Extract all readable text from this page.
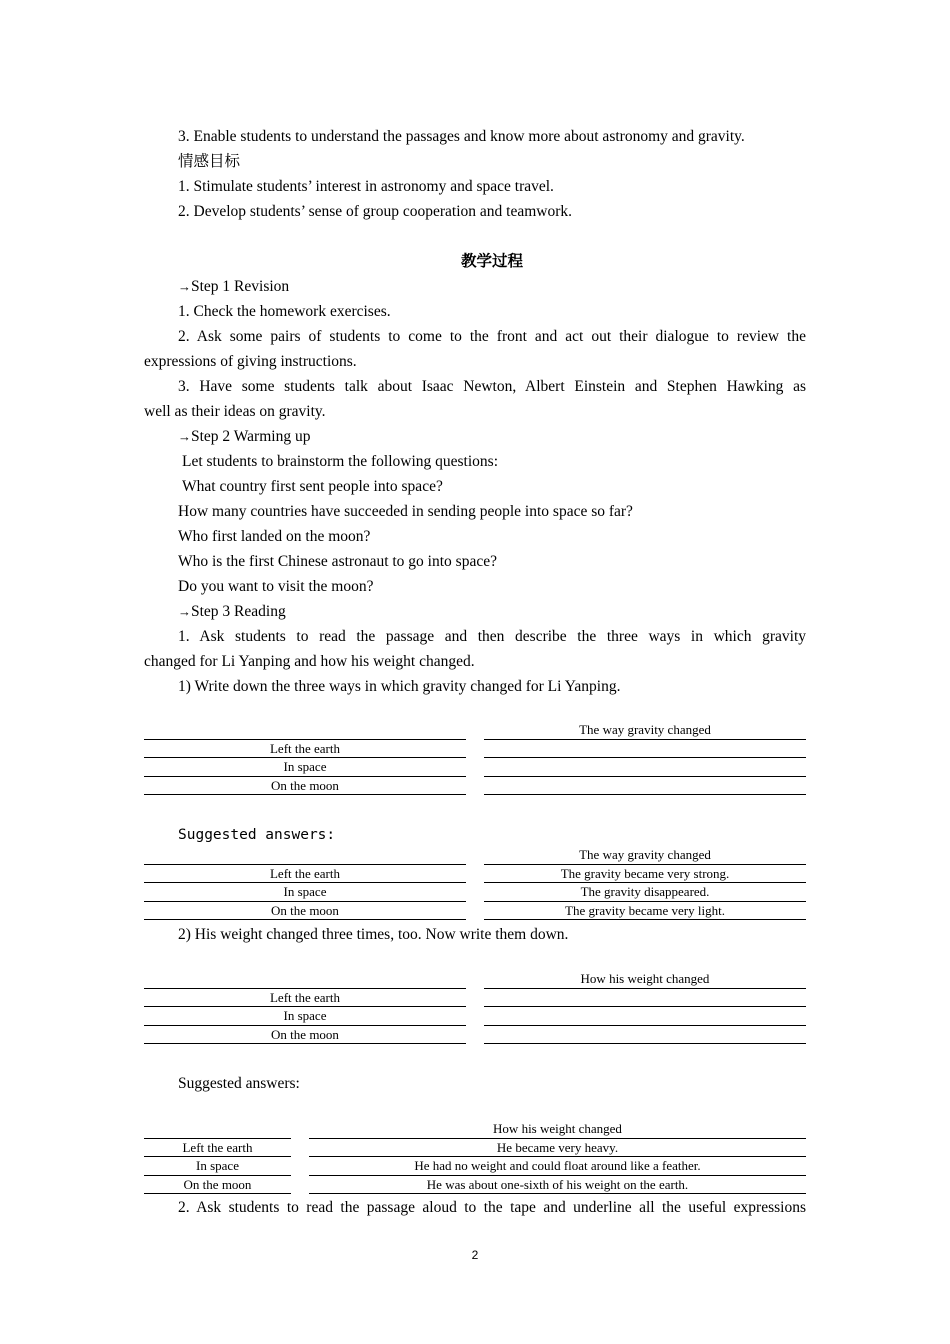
3. Enable students to understand the passages and know more about astronomy and gravity.
情感目标
1. Stimulate students’ interest in astronomy and space travel.
2. Develop students’ sense of group cooperation and teamwork.
教学过程
→Step 1 Revision
1. Check the homework exercises.
2. Ask some pairs of students to come to the front and act out their dialogue to review the
expressions of giving instructions.
3. Have some students talk about Isaac Newton, Albert Einstein and Stephen Hawking as
well as their ideas on gravity.
→Step 2 Warming up
Let students to brainstorm the following questions:
What country first sent people into space?
How many countries have succeeded in sending people into space so far?
Who first landed on the moon?
Who is the first Chinese astronaut to go into space?
Do you want to visit the moon?
→Step 3 Reading
1. Ask students to read the passage and then describe the three ways in which gravity
changed for Li Yanping and how his weight changed.
1) Write down the three ways in which gravity changed for Li Yanping.
Left the earth
In space
On the moon
The way gravity changed
Suggested answers:
Left the earth
In space
On the moon
The way gravity changed
The gravity became very strong.
The gravity disappeared.
The gravity became very light.
2) His weight changed three times, too. Now write them down.
Left the earth
In space
On the moon
How his weight changed
Suggested answers:
Left the earth
In space
On the moon
How his weight changed
He became very heavy.
He had no weight and could float around like a feather.
He was about one-sixth of his weight on the earth.
2. Ask students to read the passage aloud to the tape and underline all the useful expressions
2
